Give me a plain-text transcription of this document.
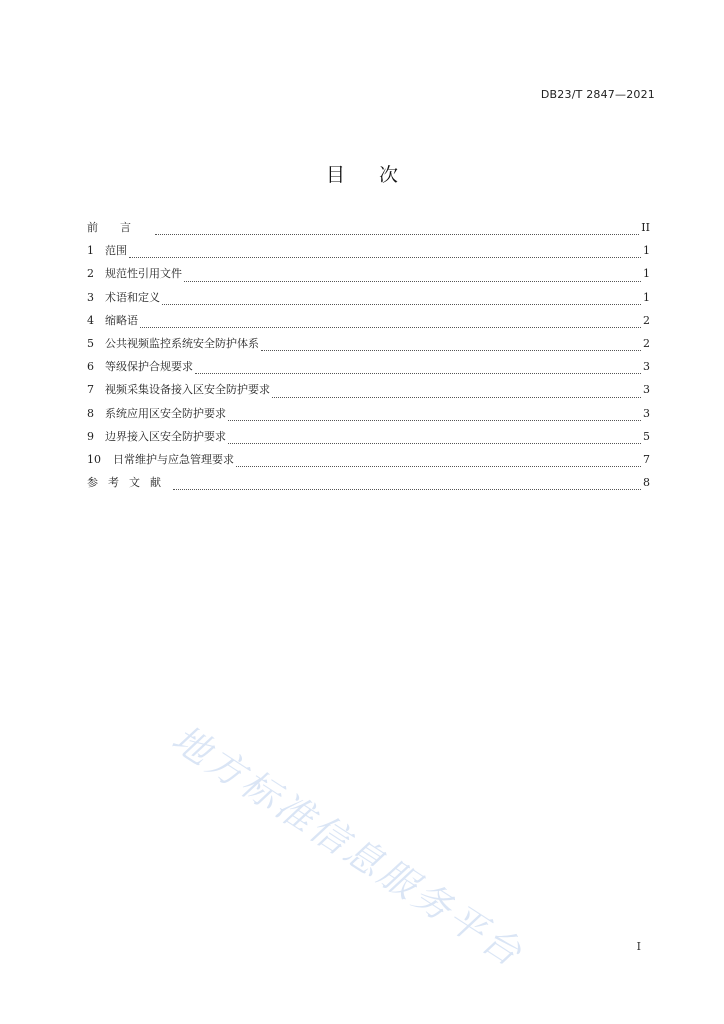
DB23/T 2847—2021
目 次
前言	II
1	范围	1
2	规范性引用文件	1
3	术语和定义	1
4	缩略语	2
5	公共视频监控系统安全防护体系	2
6	等级保护合规要求	3
7	视频采集设备接入区安全防护要求	3
8	系统应用区安全防护要求	3
9	边界接入区安全防护要求	5
10	日常维护与应急管理要求	7
参考文献	8
地方标准信息服务平台	I
